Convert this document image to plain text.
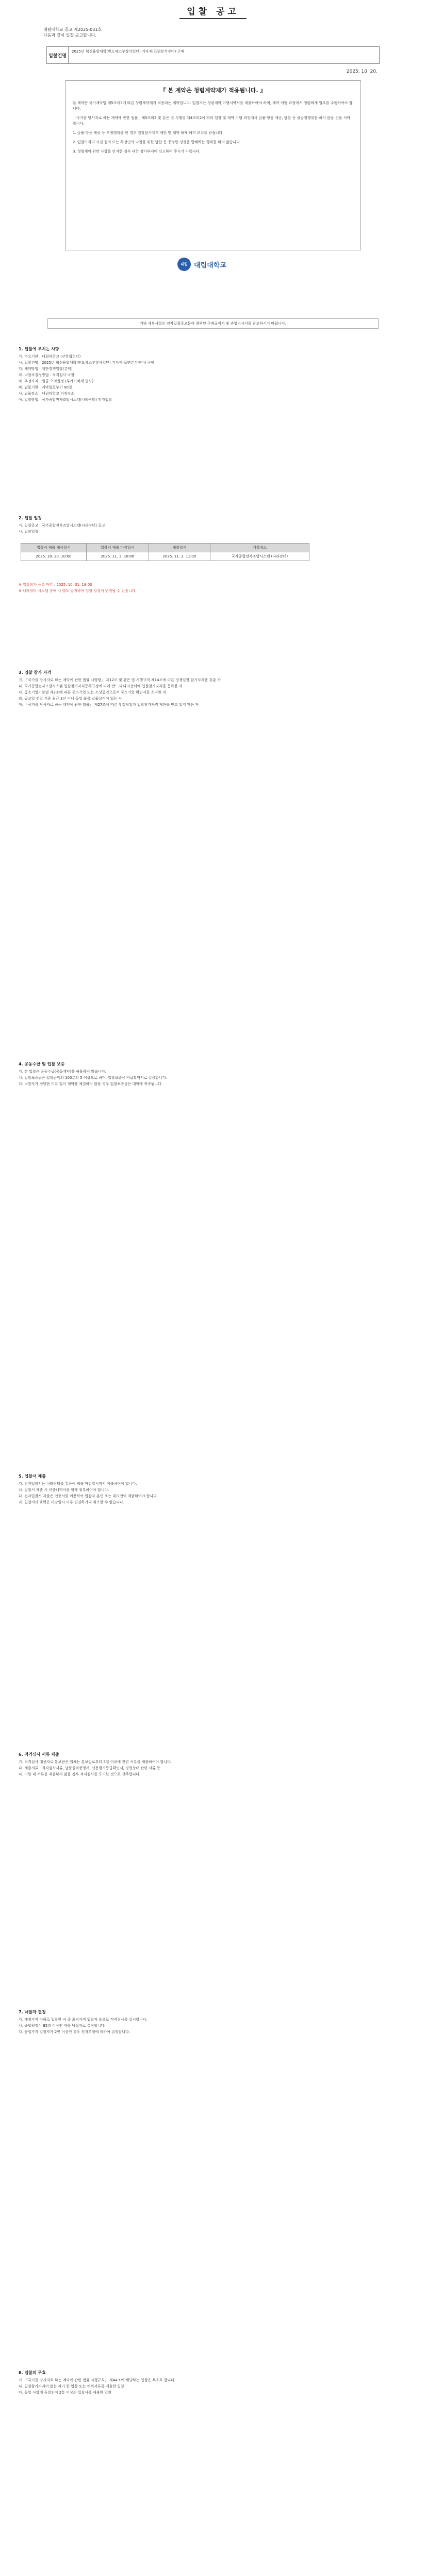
입찰 공고
대림대학교 공고 제2025-031호
다음과 같이 입찰 공고합니다.
입찰건명
2025년 혁신융합대학(반도체소부장사업단) 기자재(표면분석장비) 구매
2025. 10. 20.
『 본 계약은 청렴계약제가 적용됩니다. 』

본 계약은 국가계약법 제5조의3에 따른 청렴계약제가 적용되는 계약입니다. 입찰자는 청렴계약 이행서약서를 제출하여야 하며, 계약 이행 과정에서 청렴하게 업무를 수행하여야 합니다.

「국가를 당사자로 하는 계약에 관한 법률」제5조의3 및 같은 법 시행령 제4조의2에 따라 입찰 및 계약 이행 과정에서 금품·향응 제공, 담합 등 불공정행위를 하지 않을 것을 서약합니다.

1. 금품·향응 제공 등 부정행위를 한 경우 입찰참가자격 제한 및 계약 해제·해지 조치를 받습니다.

2. 입찰가격의 사전 협의 또는 특정인의 낙찰을 위한 담합 등 공정한 경쟁을 방해하는 행위를 하지 않습니다.

3. 청렴계약 위반 사항을 인지한 경우 대학 감사부서에 신고하여 주시기 바랍니다.

대림 대림대학교
기타 세부사항은 전자입찰공고문에 첨부된 구매규격서 및 과업지시서를 참고하시기 바랍니다.
1. 입찰에 부치는 사항
가. 수요기관 : 대림대학교 (산학협력단)
나. 입찰건명 : 2025년 혁신융합대학(반도체소부장사업단) 기자재(표면분석장비) 구매
다. 계약방법 : 제한경쟁입찰(총액)
라. 낙찰자결정방법 : 적격심사 낙찰
마. 추정가격 : 일금 오억원정 (부가가치세 별도)
바. 납품기한 : 계약일로부터 90일
사. 납품장소 : 대림대학교 지정장소
아. 입찰방법 : 국가종합전자조달시스템(나라장터) 전자입찰
2. 입찰 일정
가. 입찰공고 : 국가종합전자조달시스템(나라장터) 공고
나. 입찰일정
입찰서 제출 개시일시	입찰서 제출 마감일시	개찰일시	개찰장소
2025. 10. 20. 10:00	2025. 11. 3. 10:00	2025. 11. 3. 11:00	국가종합전자조달시스템 (나라장터)
※ 입찰참가 등록 마감 : 2025. 10. 31. 18:00
※ 나라장터 시스템 장애 시 별도 공지하며 입찰 일정이 변경될 수 있습니다.
3. 입찰 참가 자격
가. 「국가를 당사자로 하는 계약에 관한 법률 시행령」 제12조 및 같은 법 시행규칙 제14조에 따른 경쟁입찰 참가자격을 갖춘 자
나. 국가종합전자조달시스템 입찰참가자격등록규정에 따라 반드시 나라장터에 입찰참가자격을 등록한 자
다. 중소기업기본법 제2조에 따른 중소기업 또는 소상공인으로서 중소기업 확인서를 소지한 자
라. 공고일 전일 기준 최근 3년 이내 동일 품목 납품실적이 있는 자
마. 「국가를 당사자로 하는 계약에 관한 법률」 제27조에 따른 부정당업자 입찰참가자격 제한을 받고 있지 않은 자
4. 공동수급 및 입찰 보증
가. 본 입찰은 공동수급(공동계약)을 허용하지 않습니다.
나. 입찰보증금은 입찰금액의 100분의 5 이상으로 하며, 입찰보증금 지급확약서로 갈음합니다.
다. 낙찰자가 정당한 이유 없이 계약을 체결하지 않을 경우 입찰보증금은 대학에 귀속됩니다.
5. 입찰서 제출
가. 전자입찰서는 나라장터를 통하여 제출 마감일시까지 제출하여야 합니다.
나. 입찰서 제출 시 산출내역서를 함께 첨부하여야 합니다.
다. 전자입찰서 제출은 인증서를 이용하여 입찰자 본인 또는 대리인이 제출하여야 합니다.
라. 입찰서의 효력은 마감일시 이후 변경하거나 취소할 수 없습니다.
6. 적격심사 서류 제출
가. 적격심사 대상자로 통보받은 업체는 통보일로부터 5일 이내에 관련 서류를 제출하여야 합니다.
나. 제출서류 : 적격심사서류, 납품실적증명서, 신용평가등급확인서, 경영상태 관련 서류 등
다. 기한 내 서류를 제출하지 않을 경우 적격심사를 포기한 것으로 간주합니다.
7. 낙찰자 결정
가. 예정가격 이하로 입찰한 자 중 최저가격 입찰자 순으로 적격심사를 실시합니다.
나. 종합평점이 85점 이상인 자를 낙찰자로 결정합니다.
다. 동일가격 입찰자가 2인 이상인 경우 전자추첨에 의하여 결정합니다.
8. 입찰의 무효
가. 「국가를 당사자로 하는 계약에 관한 법률 시행규칙」 제44조에 해당하는 입찰은 무효로 합니다.
나. 입찰참가자격이 없는 자가 한 입찰 또는 허위서류를 제출한 입찰
다. 동일 사항에 동일인이 2통 이상의 입찰서를 제출한 입찰
